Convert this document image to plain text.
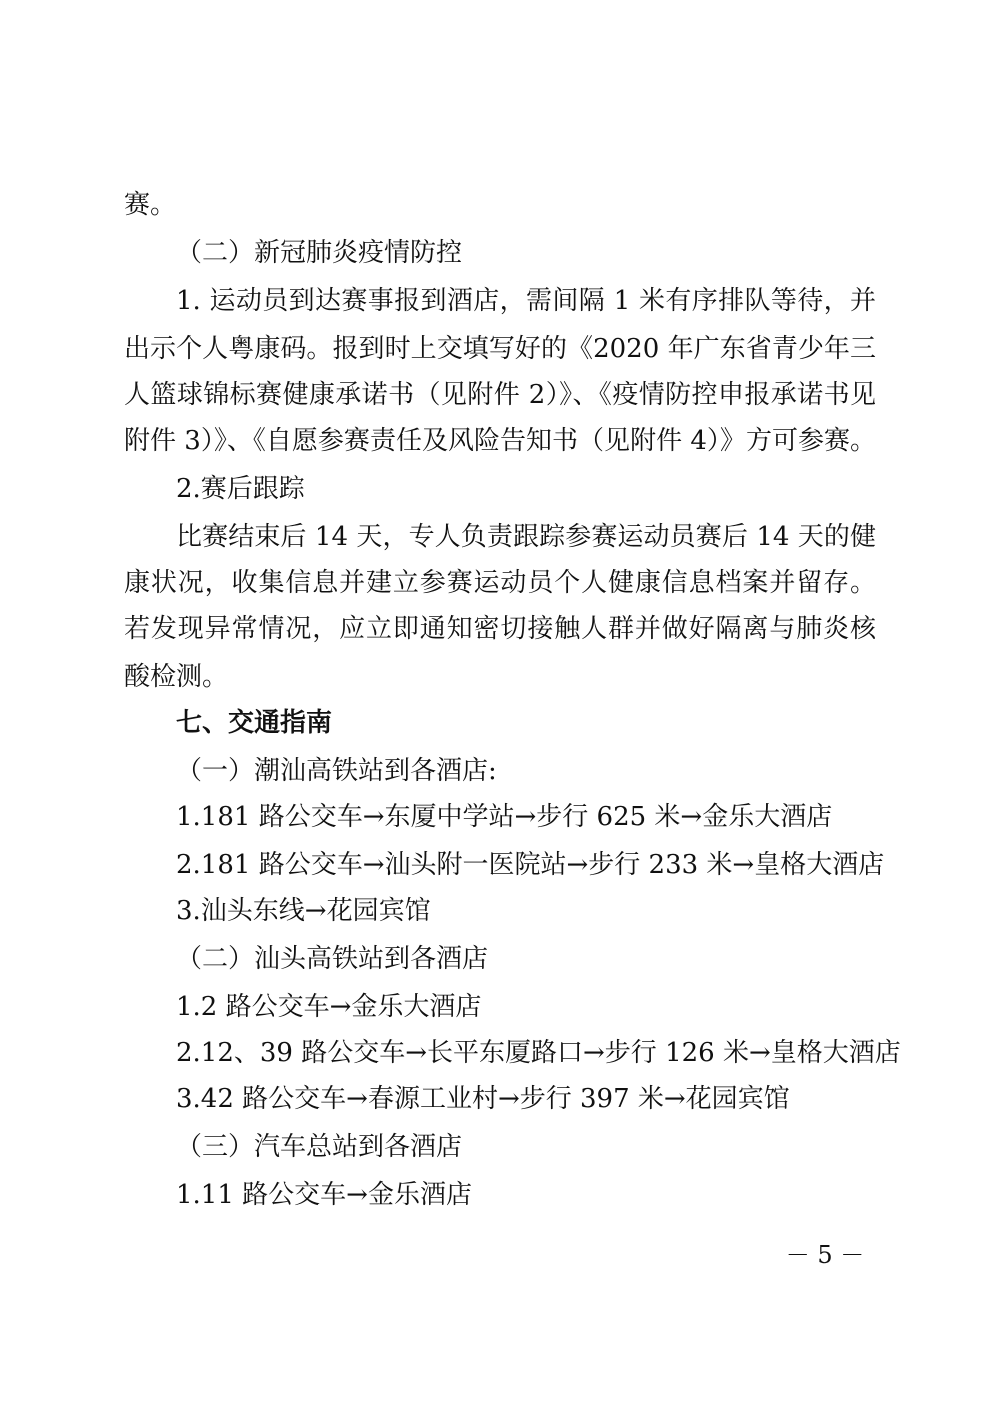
赛。
（二）新冠肺炎疫情防控
1. 运动员到达赛事报到酒店，需间隔 1 米有序排队等待，并
出示个人粤康码。报到时上交填写好的《2020 年广东省青少年三
人篮球锦标赛健康承诺书（见附件 2）》、《疫情防控申报承诺书见
附件 3）》、《自愿参赛责任及风险告知书（见附件 4）》方可参赛。
2.赛后跟踪
比赛结束后 14 天，专人负责跟踪参赛运动员赛后 14 天的健
康状况，收集信息并建立参赛运动员个人健康信息档案并留存。
若发现异常情况，应立即通知密切接触人群并做好隔离与肺炎核
酸检测。
七、交通指南
（一）潮汕高铁站到各酒店:
1.181 路公交车→东厦中学站→步行 625 米→金乐大酒店
2.181 路公交车→汕头附一医院站→步行 233 米→皇格大酒店
3.汕头东线→花园宾馆
（二）汕头高铁站到各酒店
1.2 路公交车→金乐大酒店
2.12、39 路公交车→长平东厦路口→步行 126 米→皇格大酒店
3.42 路公交车→春源工业村→步行 397 米→花园宾馆
（三）汽车总站到各酒店
1.11 路公交车→金乐酒店
－ 5 －
